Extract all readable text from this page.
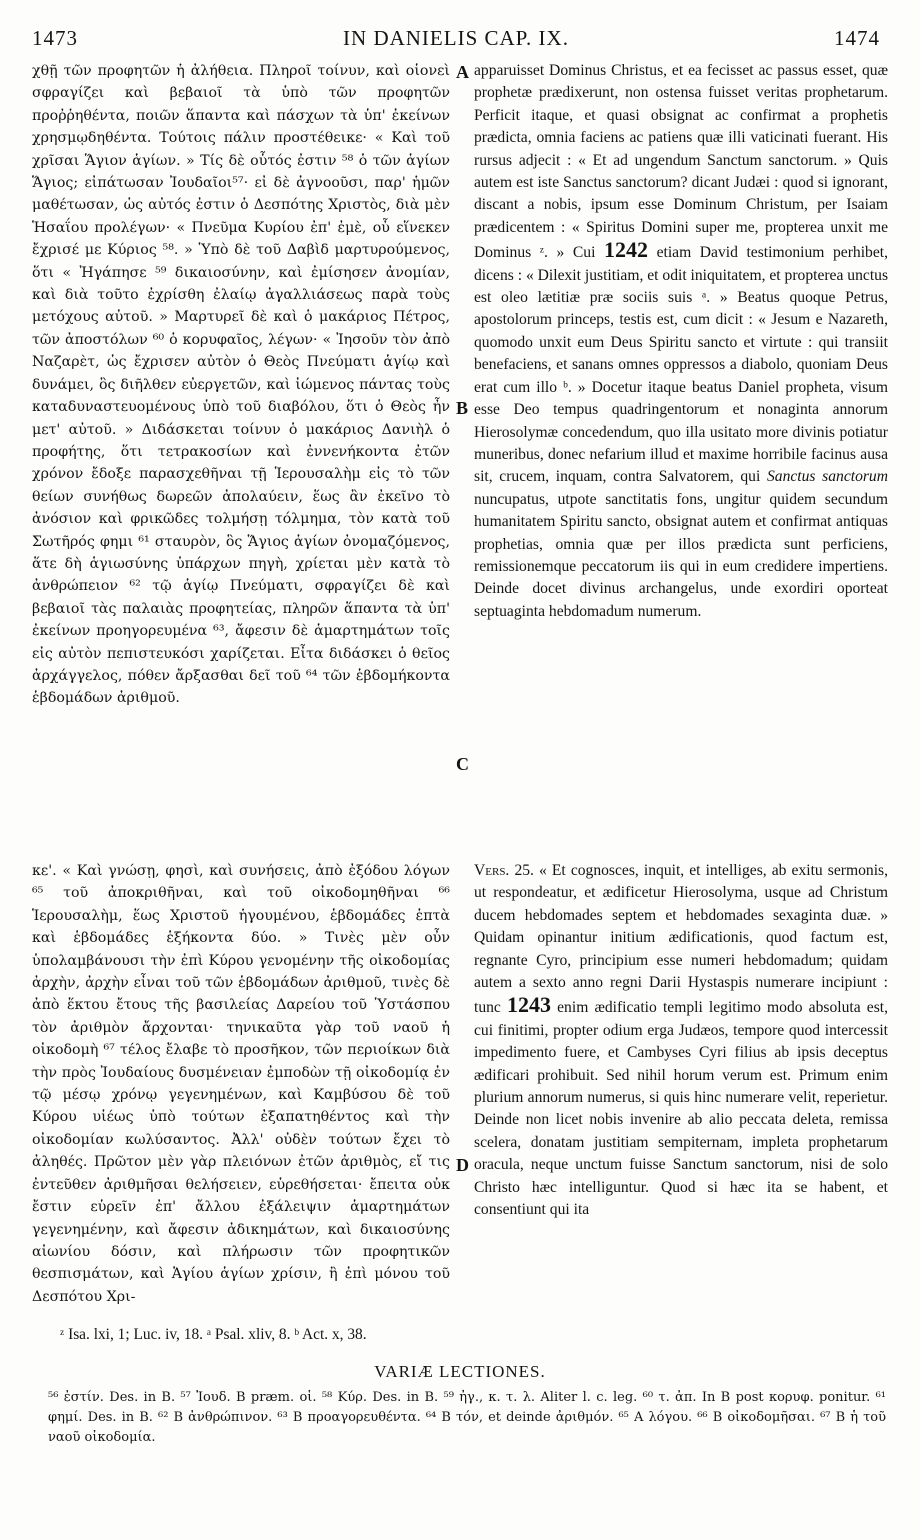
1473	IN DANIELIS CAP. IX.	1474

χθῇ τῶν προφητῶν ἡ ἀλήθεια. Πληροῖ τοίνυν, καὶ οἱονεὶ σφραγίζει καὶ βεβαιοῖ τὰ ὑπὸ τῶν προφητῶν προῤῥηθέντα, ποιῶν ἅπαντα καὶ πάσχων τὰ ὑπ' ἐκείνων χρησμῳδηθέντα. Τούτοις πάλιν προστέθεικε· « Καὶ τοῦ χρῖσαι Ἅγιον ἁγίων. » Τίς δὲ οὗτός ἐστιν ⁵⁸ ὁ τῶν ἁγίων Ἅγιος; εἰπάτωσαν Ἰουδαῖοι⁵⁷· εἰ δὲ ἀγνοοῦσι, παρ' ἡμῶν μαθέτωσαν, ὡς αὐτός ἐστιν ὁ Δεσπότης Χριστὸς, διὰ μὲν Ἡσαΐου προλέγων· « Πνεῦμα Κυρίου ἐπ' ἐμὲ, οὗ εἵνεκεν ἔχρισέ με Κύριος ⁵⁸. » Ὑπὸ δὲ τοῦ Δαβὶδ μαρτυρούμενος, ὅτι « Ἠγάπησε ⁵⁹ δικαιοσύνην, καὶ ἐμίσησεν ἀνομίαν, καὶ διὰ τοῦτο ἐχρίσθη ἐλαίῳ ἀγαλλιάσεως παρὰ τοὺς μετόχους αὐτοῦ. » Μαρτυρεῖ δὲ καὶ ὁ μακάριος Πέτρος, τῶν ἀποστόλων ⁶⁰ ὁ κορυφαῖος, λέγων· « Ἰησοῦν τὸν ἀπὸ Ναζαρὲτ, ὡς ἔχρισεν αὐτὸν ὁ Θεὸς Πνεύματι ἁγίῳ καὶ δυνάμει, ὃς διῆλθεν εὐεργετῶν, καὶ ἰώμενος πάντας τοὺς καταδυναστευομένους ὑπὸ τοῦ διαβόλου, ὅτι ὁ Θεὸς ἦν μετ' αὐτοῦ. » Διδάσκεται τοίνυν ὁ μακάριος Δανιὴλ ὁ προφήτης, ὅτι τετρακοσίων καὶ ἐννενήκοντα ἐτῶν χρόνον ἔδοξε παρασχεθῆναι τῇ Ἱερουσαλὴμ εἰς τὸ τῶν θείων συνήθως δωρεῶν ἀπολαύειν, ἕως ἂν ἐκεῖνο τὸ ἀνόσιον καὶ φρικῶδες τολμήσῃ τόλμημα, τὸν κατὰ τοῦ Σωτῆρός φημι ⁶¹ σταυρὸν, ὃς Ἅγιος ἁγίων ὀνομαζόμενος, ἅτε δὴ ἁγιωσύνης ὑπάρχων πηγὴ, χρίεται μὲν κατὰ τὸ ἀνθρώπειον ⁶² τῷ ἁγίῳ Πνεύματι, σφραγίζει δὲ καὶ βεβαιοῖ τὰς παλαιὰς προφητείας, πληρῶν ἅπαντα τὰ ὑπ' ἐκείνων προηγορευμένα ⁶³, ἄφεσιν δὲ ἁμαρτημάτων τοῖς εἰς αὐτὸν πεπιστευκόσι χαρίζεται. Εἶτα διδάσκει ὁ θεῖος ἀρχάγγελος, πόθεν ἄρξασθαι δεῖ τοῦ ⁶⁴ τῶν ἑβδομήκοντα ἑβδομάδων ἀριθμοῦ.

apparuisset Dominus Christus, et ea fecisset ac passus esset, quæ prophetæ prædixerunt, non ostensa fuisset veritas prophetarum. Perficit itaque, et quasi obsignat ac confirmat a prophetis prædicta, omnia faciens ac patiens quæ illi vaticinati fuerant. His rursus adjecit : « Et ad ungendum Sanctum sanctorum. » Quis autem est iste Sanctus sanctorum? dicant Judæi : quod si ignorant, discant a nobis, ipsum esse Dominum Christum, per Isaiam prædicentem : « Spiritus Domini super me, propterea unxit me Dominus ᶻ. » Cui 1242 etiam David testimonium perhibet, dicens : « Dilexit justitiam, et odit iniquitatem, et propterea unctus est oleo lætitiæ præ sociis suis ᵃ. » Beatus quoque Petrus, apostolorum princeps, testis est, cum dicit : « Jesum e Nazareth, quomodo unxit eum Deus Spiritu sancto et virtute : qui transiit benefaciens, et sanans omnes oppressos a diabolo, quoniam Deus erat cum illo ᵇ. » Docetur itaque beatus Daniel propheta, visum esse Deo tempus quadringentorum et nonaginta annorum Hierosolymæ concedendum, quo illa usitato more divinis potiatur muneribus, donec nefarium illud et maxime horribile facinus ausa sit, crucem, inquam, contra Salvatorem, qui Sanctus sanctorum nuncupatus, utpote sanctitatis fons, ungitur quidem secundum humanitatem Spiritu sancto, obsignat autem et confirmat antiquas prophetias, omnia quæ per illos prædicta sunt perficiens, remissionemque peccatorum iis qui in eum credidere impertiens. Deinde docet divinus archangelus, unde exordiri oporteat septuaginta hebdomadum numerum.

A
B
C
D

κε'. « Καὶ γνώσῃ, φησὶ, καὶ συνήσεις, ἀπὸ ἐξόδου λόγων ⁶⁵ τοῦ ἀποκριθῆναι, καὶ τοῦ οἰκοδομηθῆναι ⁶⁶ Ἱερουσαλὴμ, ἕως Χριστοῦ ἡγουμένου, ἑβδομάδες ἑπτὰ καὶ ἑβδομάδες ἑξήκοντα δύο. » Τινὲς μὲν οὖν ὑπολαμβάνουσι τὴν ἐπὶ Κύρου γενομένην τῆς οἰκοδομίας ἀρχὴν, ἀρχὴν εἶναι τοῦ τῶν ἑβδομάδων ἀριθμοῦ, τινὲς δὲ ἀπὸ ἕκτου ἔτους τῆς βασιλείας Δαρείου τοῦ Ὑστάσπου τὸν ἀριθμὸν ἄρχονται· τηνικαῦτα γὰρ τοῦ ναοῦ ἡ οἰκοδομὴ ⁶⁷ τέλος ἔλαβε τὸ προσῆκον, τῶν περιοίκων διὰ τὴν πρὸς Ἰουδαίους δυσμένειαν ἐμποδὼν τῇ οἰκοδομίᾳ ἐν τῷ μέσῳ χρόνῳ γεγενημένων, καὶ Καμβύσου δὲ τοῦ Κύρου υἱέως ὑπὸ τούτων ἐξαπατηθέντος καὶ τὴν οἰκοδομίαν κωλύσαντος. Ἀλλ' οὐδὲν τούτων ἔχει τὸ ἀληθές. Πρῶτον μὲν γὰρ πλειόνων ἐτῶν ἀριθμὸς, εἴ τις ἐντεῦθεν ἀριθμῆσαι θελήσειεν, εὑρεθήσεται· ἔπειτα οὐκ ἔστιν εὑρεῖν ἐπ' ἄλλου ἐξάλειψιν ἁμαρτημάτων γεγενημένην, καὶ ἄφεσιν ἀδικημάτων, καὶ δικαιοσύνης αἰωνίου δόσιν, καὶ πλήρωσιν τῶν προφητικῶν θεσπισμάτων, καὶ Ἁγίου ἁγίων χρίσιν, ἢ ἐπὶ μόνου τοῦ Δεσπότου Χρι-

Vers. 25. « Et cognosces, inquit, et intelliges, ab exitu sermonis, ut respondeatur, et ædificetur Hierosolyma, usque ad Christum ducem hebdomades septem et hebdomades sexaginta duæ. » Quidam opinantur initium ædificationis, quod factum est, regnante Cyro, principium esse numeri hebdomadum; quidam autem a sexto anno regni Darii Hystaspis numerare incipiunt : tunc 1243 enim ædificatio templi legitimo modo absoluta est, cui finitimi, propter odium erga Judæos, tempore quod intercessit impedimento fuere, et Cambyses Cyri filius ab ipsis deceptus ædificari prohibuit. Sed nihil horum verum est. Primum enim plurium annorum numerus, si quis hinc numerare velit, reperietur. Deinde non licet nobis invenire ab alio peccata deleta, remissa scelera, donatam justitiam sempiternam, impleta prophetarum oracula, neque unctum fuisse Sanctum sanctorum, nisi de solo Christo hæc intelliguntur. Quod si hæc ita se habent, et consentiunt qui ita

ᶻ Isa. lxi, 1; Luc. iv, 18. ᵃ Psal. xliv, 8. ᵇ Act. x, 38.
VARIÆ LECTIONES.
⁵⁶ ἐστίν. Des. in B. ⁵⁷ Ἰουδ. B præm. οἱ. ⁵⁸ Κύρ. Des. in B. ⁵⁹ ἠγ., κ. τ. λ. Aliter l. c. leg. ⁶⁰ τ. ἀπ. In B post κορυφ. ponitur. ⁶¹ φημί. Des. in B. ⁶² B ἀνθρώπινον. ⁶³ B προαγορευθέντα. ⁶⁴ B τόν, et deinde ἀριθμόν. ⁶⁵ A λόγου. ⁶⁶ B οἰκοδομῆσαι. ⁶⁷ B ἡ τοῦ ναοῦ οἰκοδομία.
